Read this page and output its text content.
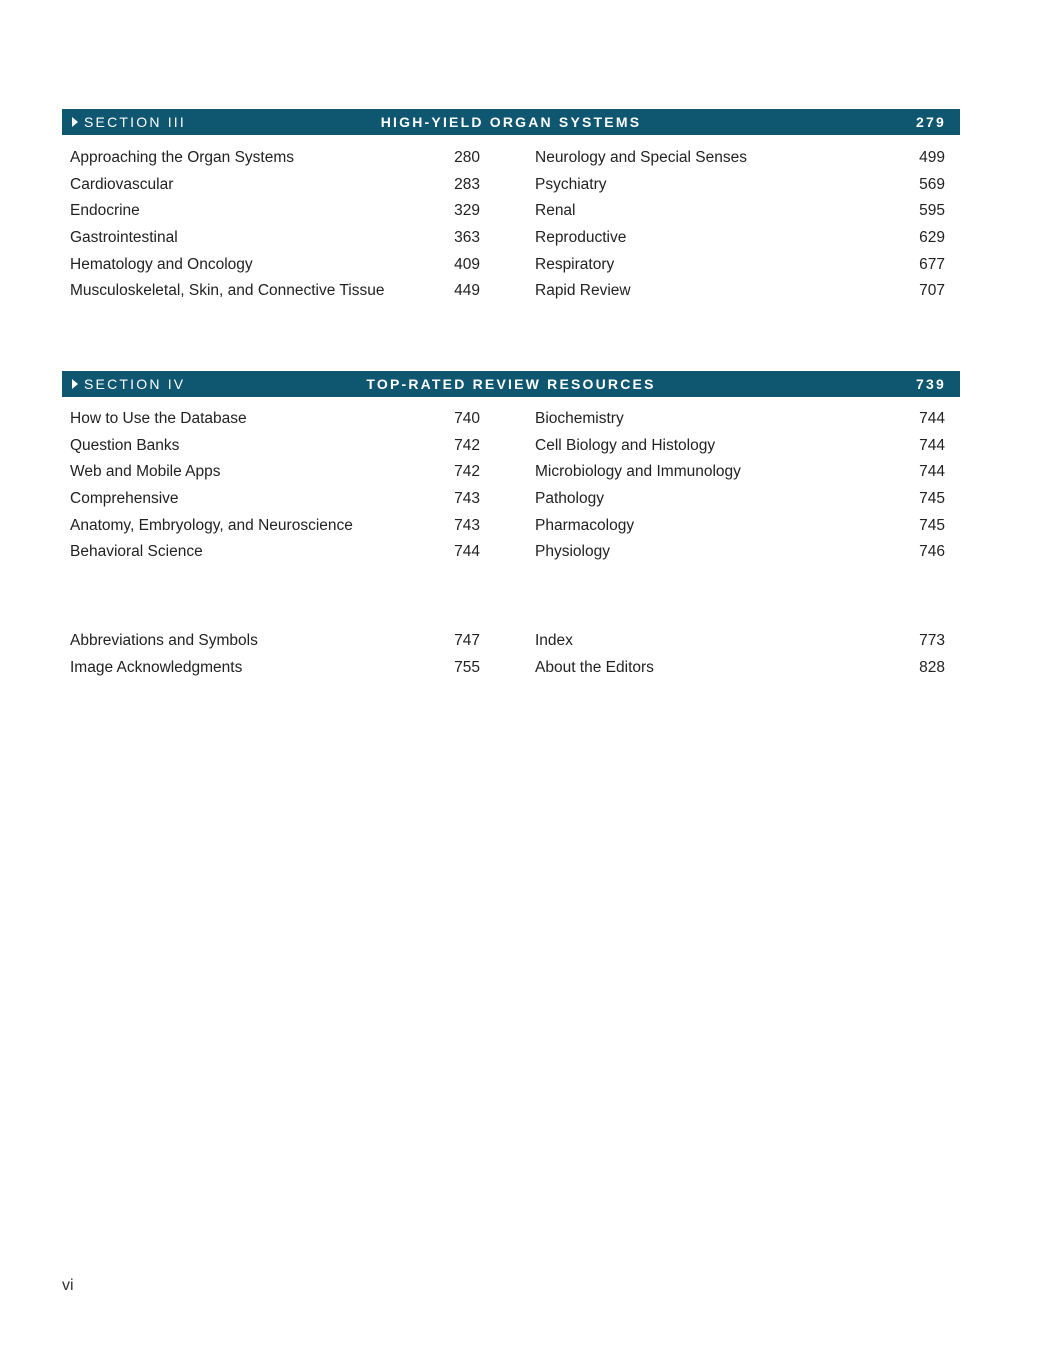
SECTION III	HIGH-YIELD ORGAN SYSTEMS	279
Approaching the Organ Systems	280	Neurology and Special Senses	499
Cardiovascular	283	Psychiatry	569
Endocrine	329	Renal	595
Gastrointestinal	363	Reproductive	629
Hematology and Oncology	409	Respiratory	677
Musculoskeletal, Skin, and Connective Tissue	449	Rapid Review	707
SECTION IV	TOP-RATED REVIEW RESOURCES	739
How to Use the Database	740	Biochemistry	744
Question Banks	742	Cell Biology and Histology	744
Web and Mobile Apps	742	Microbiology and Immunology	744
Comprehensive	743	Pathology	745
Anatomy, Embryology, and Neuroscience	743	Pharmacology	745
Behavioral Science	744	Physiology	746
Abbreviations and Symbols	747	Index	773
Image Acknowledgments	755	About the Editors	828
vi
